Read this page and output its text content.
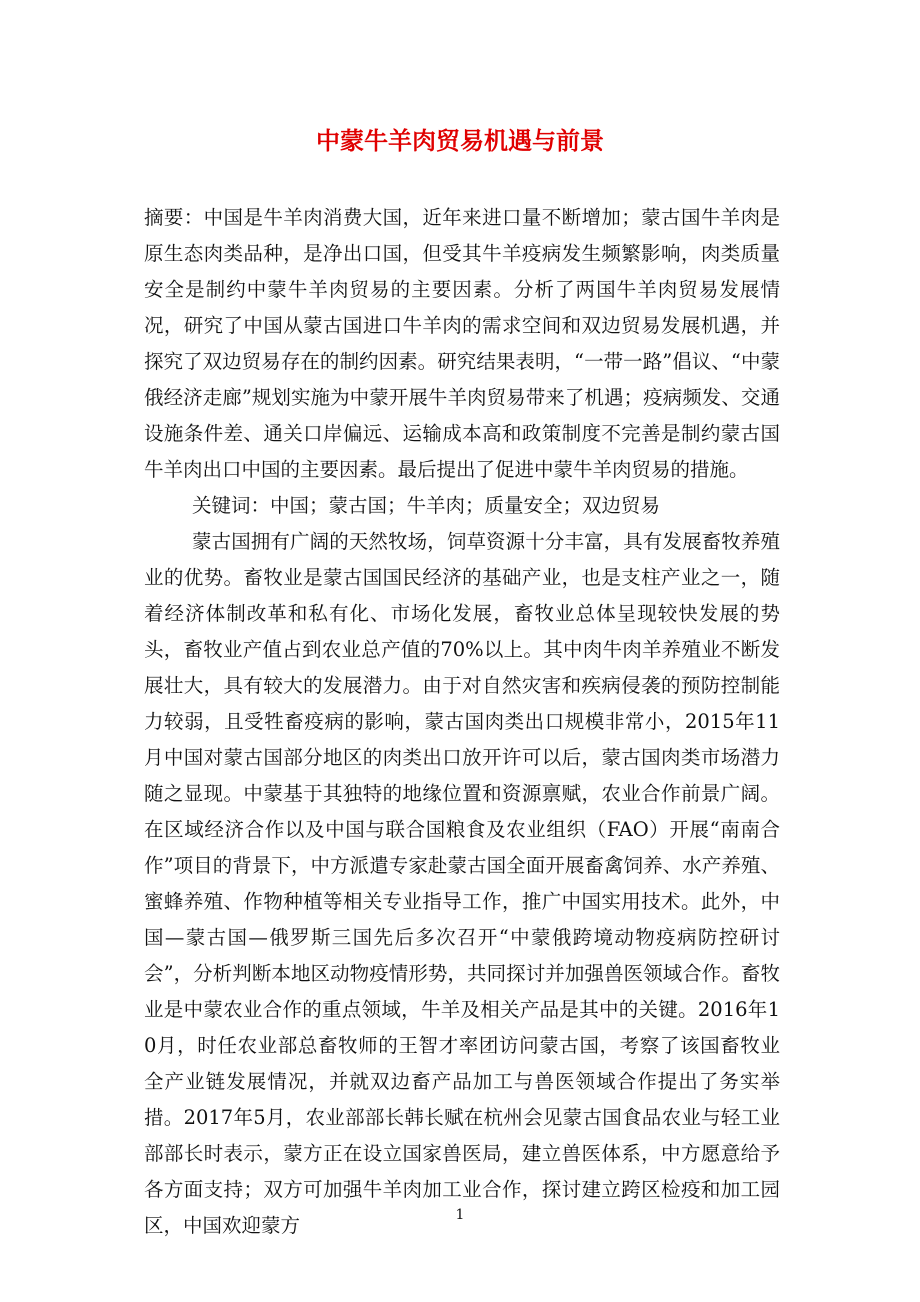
中蒙牛羊肉贸易机遇与前景

摘要：中国是牛羊肉消费大国，近年来进口量不断增加；蒙古国牛羊肉是原生态肉类品种，是净出口国，但受其牛羊疫病发生频繁影响，肉类质量安全是制约中蒙牛羊肉贸易的主要因素。分析了两国牛羊肉贸易发展情况，研究了中国从蒙古国进口牛羊肉的需求空间和双边贸易发展机遇，并探究了双边贸易存在的制约因素。研究结果表明，“一带一路”倡议、“中蒙俄经济走廊”规划实施为中蒙开展牛羊肉贸易带来了机遇；疫病频发、交通设施条件差、通关口岸偏远、运输成本高和政策制度不完善是制约蒙古国牛羊肉出口中国的主要因素。最后提出了促进中蒙牛羊肉贸易的措施。

关键词：中国；蒙古国；牛羊肉；质量安全；双边贸易

蒙古国拥有广阔的天然牧场，饲草资源十分丰富，具有发展畜牧养殖业的优势。畜牧业是蒙古国国民经济的基础产业，也是支柱产业之一，随着经济体制改革和私有化、市场化发展，畜牧业总体呈现较快发展的势头，畜牧业产值占到农业总产值的70%以上。其中肉牛肉羊养殖业不断发展壮大，具有较大的发展潜力。由于对自然灾害和疾病侵袭的预防控制能力较弱，且受牲畜疫病的影响，蒙古国肉类出口规模非常小，2015年11月中国对蒙古国部分地区的肉类出口放开许可以后，蒙古国肉类市场潜力随之显现。中蒙基于其独特的地缘位置和资源禀赋，农业合作前景广阔。在区域经济合作以及中国与联合国粮食及农业组织（FAO）开展“南南合作”项目的背景下，中方派遣专家赴蒙古国全面开展畜禽饲养、水产养殖、蜜蜂养殖、作物种植等相关专业指导工作，推广中国实用技术。此外，中国—蒙古国—俄罗斯三国先后多次召开“中蒙俄跨境动物疫病防控研讨会”，分析判断本地区动物疫情形势，共同探讨并加强兽医领域合作。畜牧业是中蒙农业合作的重点领域，牛羊及相关产品是其中的关键。2016年10月，时任农业部总畜牧师的王智才率团访问蒙古国，考察了该国畜牧业全产业链发展情况，并就双边畜产品加工与兽医领域合作提出了务实举措。2017年5月，农业部部长韩长赋在杭州会见蒙古国食品农业与轻工业部部长时表示，蒙方正在设立国家兽医局，建立兽医体系，中方愿意给予各方面支持；双方可加强牛羊肉加工业合作，探讨建立跨区检疫和加工园区，中国欢迎蒙方	1
